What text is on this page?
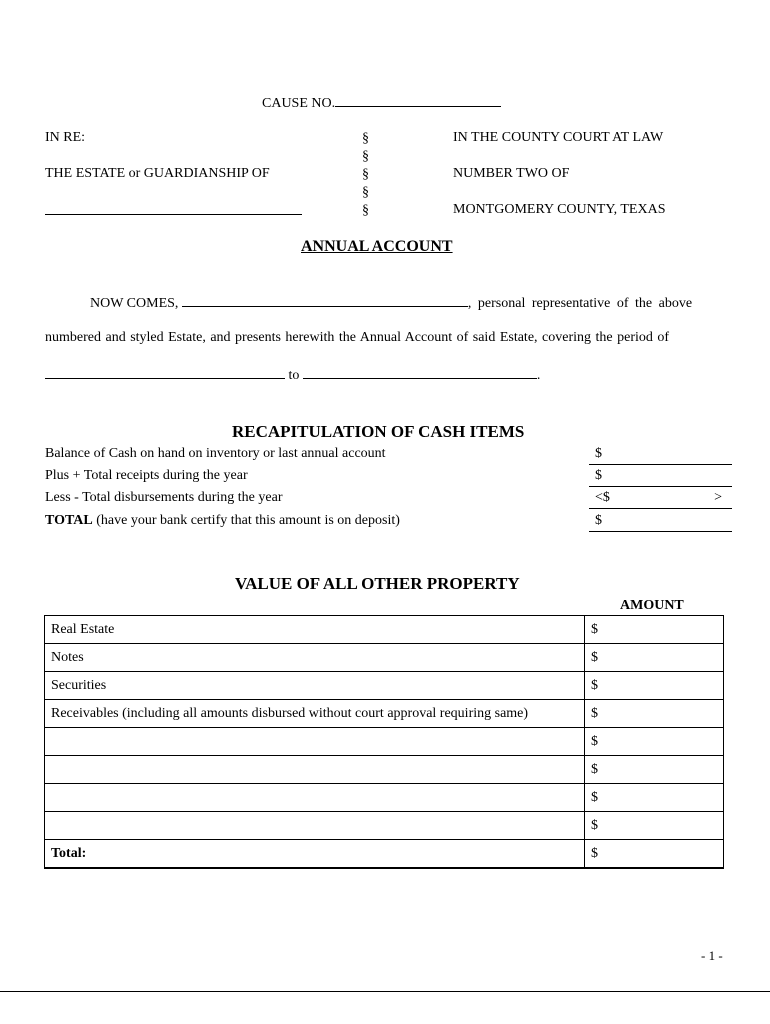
CAUSE NO.
IN RE:
THE ESTATE or GUARDIANSHIP OF
§
§
§
§
§
IN THE COUNTY COURT AT LAW
NUMBER TWO OF
MONTGOMERY COUNTY, TEXAS
ANNUAL ACCOUNT
NOW COMES,	, personal representative of the above
numbered and styled Estate, and presents herewith the Annual Account of said Estate, covering the period of
to	.
RECAPITULATION OF CASH ITEMS
Balance of Cash on hand on inventory or last annual account	$
Plus + Total receipts during the year	$
Less - Total disbursements during the year	<$	>
TOTAL (have your bank certify that this amount is on deposit)	$
VALUE OF ALL OTHER PROPERTY
AMOUNT
Real Estate	$
Notes	$
Securities	$
Receivables (including all amounts disbursed without court approval requiring same)	$
	$
	$
	$
	$
Total:	$
- 1 -
